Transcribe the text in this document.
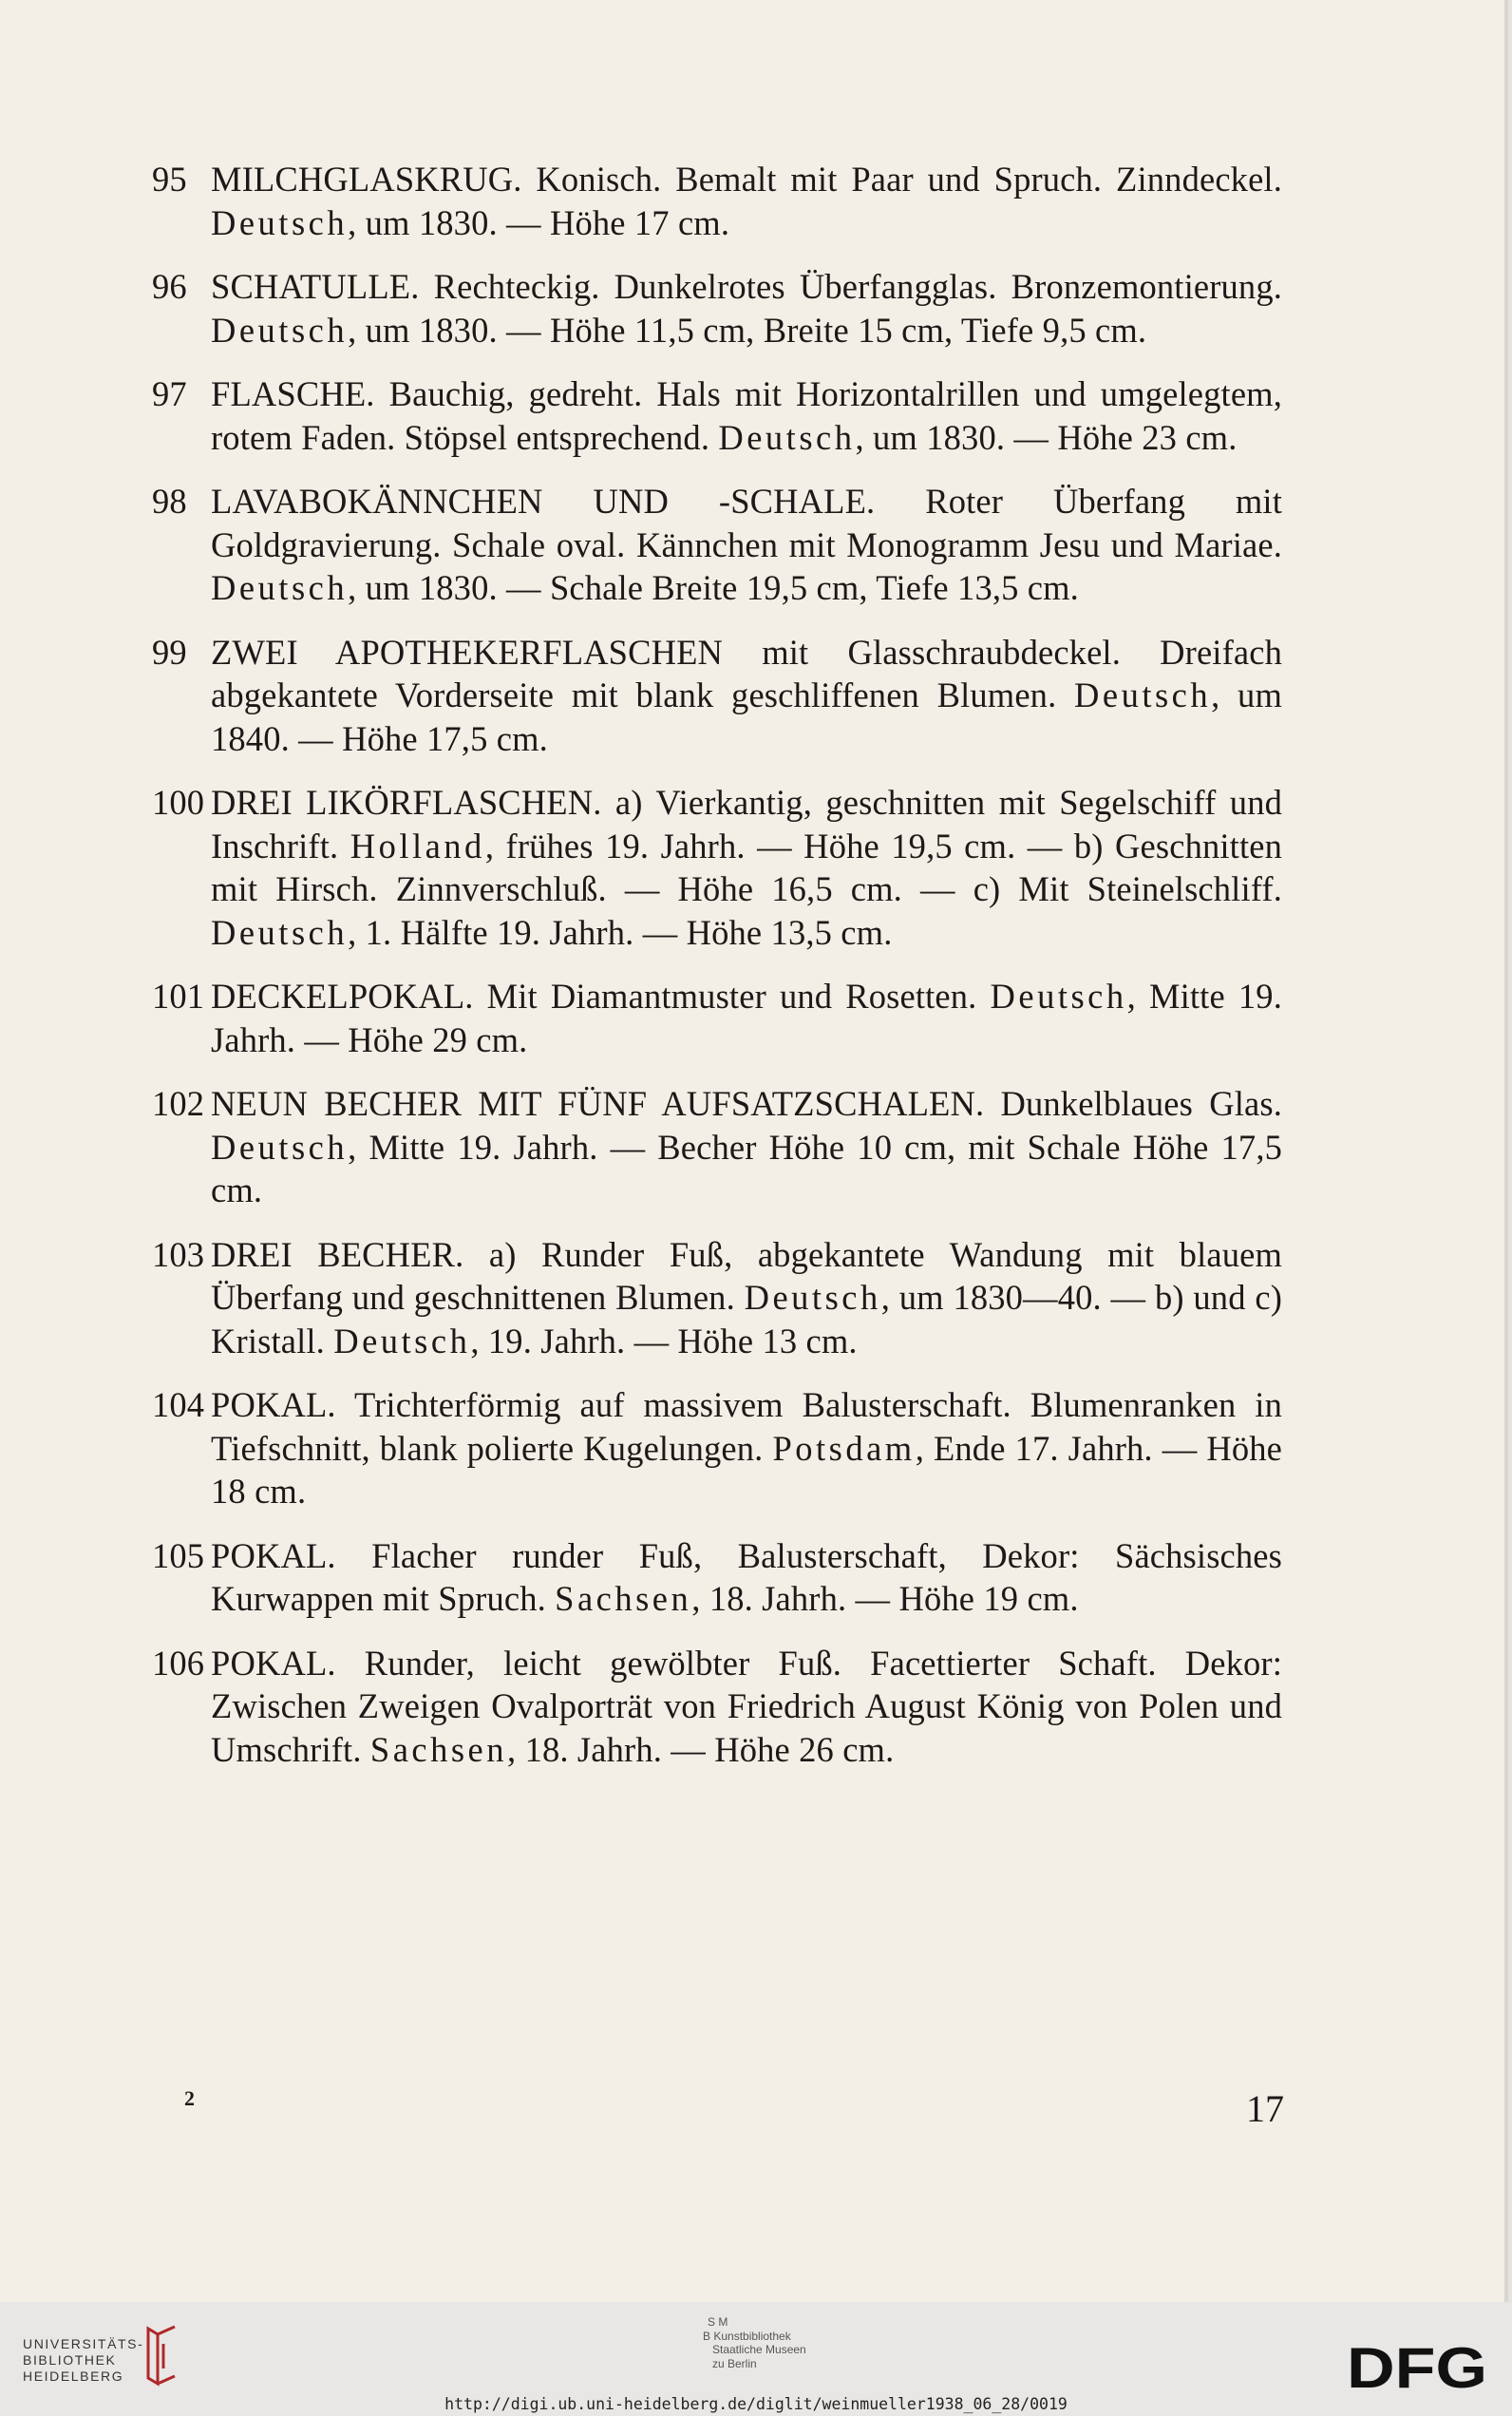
95 MILCHGLASKRUG. Konisch. Bemalt mit Paar und Spruch. Zinndeckel. Deutsch, um 1830. — Höhe 17 cm.
96 SCHATULLE. Rechteckig. Dunkelrotes Überfangglas. Bronzemontierung. Deutsch, um 1830. — Höhe 11,5 cm, Breite 15 cm, Tiefe 9,5 cm.
97 FLASCHE. Bauchig, gedreht. Hals mit Horizontalrillen und umgelegtem, rotem Faden. Stöpsel entsprechend. Deutsch, um 1830. — Höhe 23 cm.
98 LAVABOKÄNNCHEN UND -SCHALE. Roter Überfang mit Goldgravierung. Schale oval. Kännchen mit Monogramm Jesu und Mariae. Deutsch, um 1830. — Schale Breite 19,5 cm, Tiefe 13,5 cm.
99 ZWEI APOTHEKERFLASCHEN mit Glasschraubdeckel. Dreifach abgekantete Vorderseite mit blank geschliffenen Blumen. Deutsch, um 1840. — Höhe 17,5 cm.
100 DREI LIKÖRFLASCHEN. a) Vierkantig, geschnitten mit Segelschiff und Inschrift. Holland, frühes 19. Jahrh. — Höhe 19,5 cm. — b) Geschnitten mit Hirsch. Zinnverschluß. — Höhe 16,5 cm. — c) Mit Steinelschliff. Deutsch, 1. Hälfte 19. Jahrh. — Höhe 13,5 cm.
101 DECKELPOKAL. Mit Diamantmuster und Rosetten. Deutsch, Mitte 19. Jahrh. — Höhe 29 cm.
102 NEUN BECHER MIT FÜNF AUFSATZSCHALEN. Dunkelblaues Glas. Deutsch, Mitte 19. Jahrh. — Becher Höhe 10 cm, mit Schale Höhe 17,5 cm.
103 DREI BECHER. a) Runder Fuß, abgekantete Wandung mit blauem Überfang und geschnittenen Blumen. Deutsch, um 1830—40. — b) und c) Kristall. Deutsch, 19. Jahrh. — Höhe 13 cm.
104 POKAL. Trichterförmig auf massivem Balusterschaft. Blumenranken in Tiefschnitt, blank polierte Kugelungen. Potsdam, Ende 17. Jahrh. — Höhe 18 cm.
105 POKAL. Flacher runder Fuß, Balusterschaft, Dekor: Sächsisches Kurwappen mit Spruch. Sachsen, 18. Jahrh. — Höhe 19 cm.
106 POKAL. Runder, leicht gewölbter Fuß. Facettierter Schaft. Dekor: Zwischen Zweigen Ovalporträt von Friedrich August König von Polen und Umschrift. Sachsen, 18. Jahrh. — Höhe 26 cm.
2	17
UNIVERSITÄTS-
BIBLIOTHEK
HEIDELBERG
S M
B Kunstbibliothek
Staatliche Museen
zu Berlin	DFG
http://digi.ub.uni-heidelberg.de/diglit/weinmueller1938_06_28/0019
